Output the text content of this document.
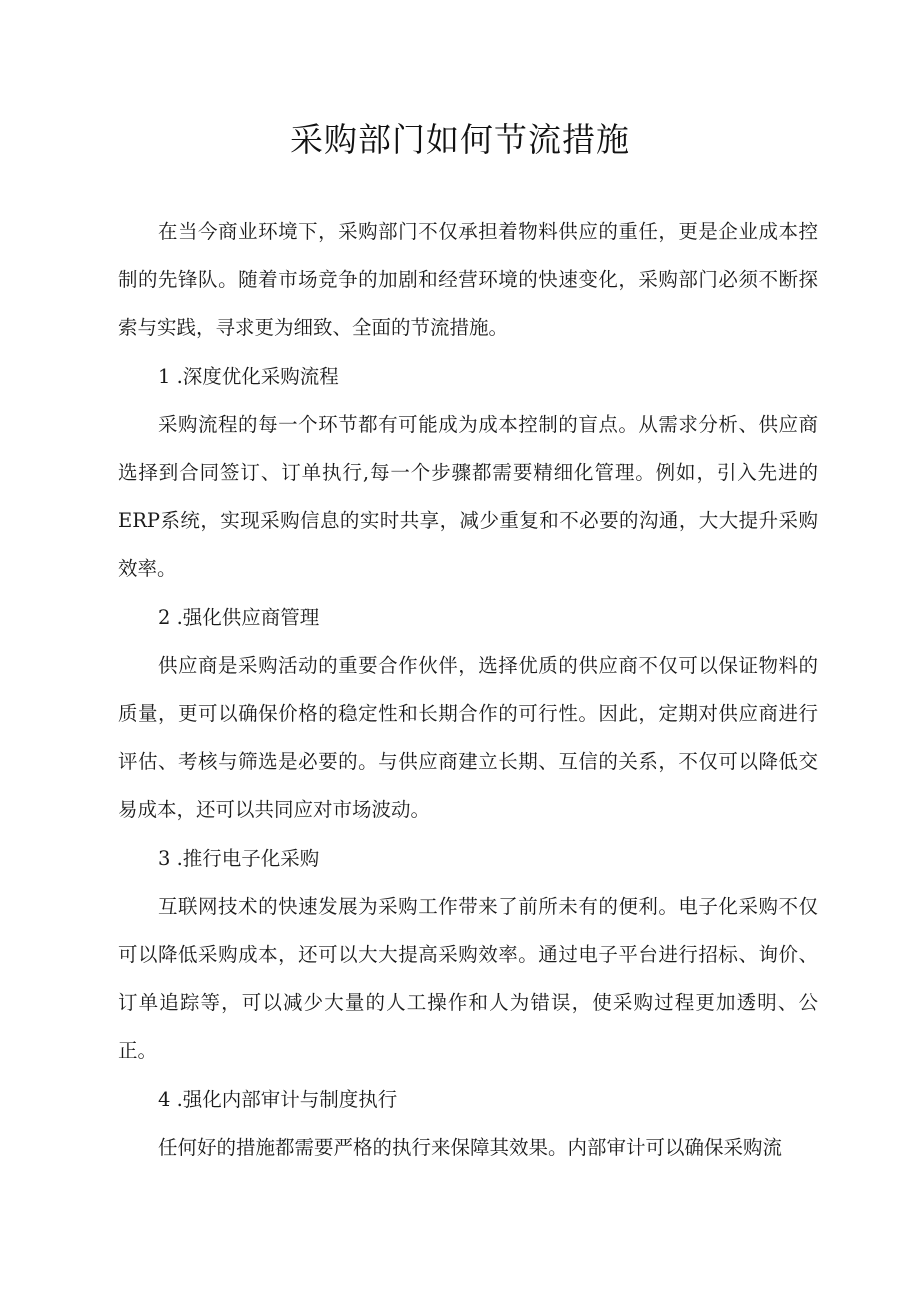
采购部门如何节流措施

在当今商业环境下，采购部门不仅承担着物料供应的重任，更是企业成本控制的先锋队。随着市场竞争的加剧和经营环境的快速变化，采购部门必须不断探索与实践，寻求更为细致、全面的节流措施。

1 .深度优化采购流程

采购流程的每一个环节都有可能成为成本控制的盲点。从需求分析、供应商选择到合同签订、订单执行,每一个步骤都需要精细化管理。例如，引入先进的ERP系统，实现采购信息的实时共享，减少重复和不必要的沟通，大大提升采购效率。

2 .强化供应商管理

供应商是采购活动的重要合作伙伴，选择优质的供应商不仅可以保证物料的质量，更可以确保价格的稳定性和长期合作的可行性。因此，定期对供应商进行评估、考核与筛选是必要的。与供应商建立长期、互信的关系，不仅可以降低交易成本，还可以共同应对市场波动。

3 .推行电子化采购

互联网技术的快速发展为采购工作带来了前所未有的便利。电子化采购不仅可以降低采购成本，还可以大大提高采购效率。通过电子平台进行招标、询价、订单追踪等，可以减少大量的人工操作和人为错误，使采购过程更加透明、公正。

4 .强化内部审计与制度执行

任何好的措施都需要严格的执行来保障其效果。内部审计可以确保采购流
